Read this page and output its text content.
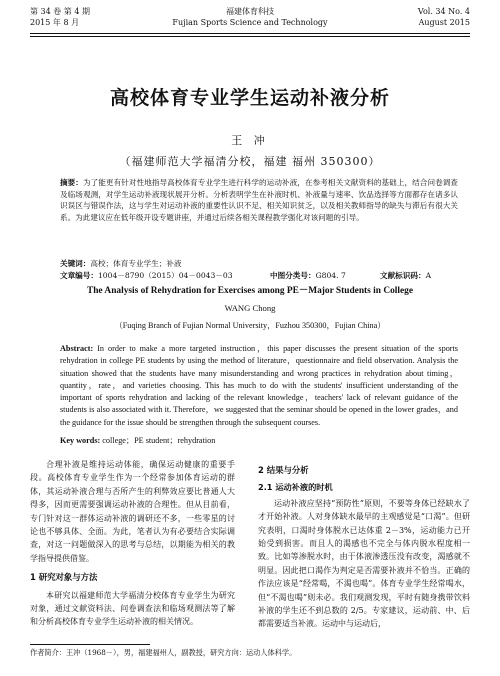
第 34 卷 第 4 期
2015 年 8 月
福建体育科技
Fujian Sports Science and Technology
Vol. 34 No. 4
August 2015
高校体育专业学生运动补液分析
王 冲
（福建师范大学福清分校，福建 福州 350300）
摘要：为了能更有针对性地指导高校体育专业学生进行科学的运动补液，在参考相关文献资料的基础上，结合问卷调查及临场观测，对学生运动补液现状展开分析。分析表明学生在补液时机、补液量与速率、饮品选择等方面都存在诸多认识误区与错误作法，这与学生对运动补液的重要性认识不足、相关知识贫乏，以及相关教师指导的缺失与滞后有很大关系。为此建议应在低年级开设专题讲座，并通过后续各相关课程教学强化对该问题的引导。
关键词：高校；体育专业学生；补液
文章编号：1004－8790（2015）04－0043－03	中图分类号：G804. 7	文献标识码：A
The Analysis of Rehydration for Exercises among PE－Major Students in College
WANG Chong
（Fuqing Branch of Fujian Normal University，Fuzhou 350300，Fujian China）
Abstract: In order to make a more targeted instruction，this paper discusses the present situation of the sports rehydration in college PE students by using the method of literature，questionnaire and field observation. Analysis the situation showed that the students have many misunderstanding and wrong practices in rehydration about timing，quantity，rate，and varieties choosing. This has much to do with the students' insufficient understanding of the important of sports rehydration and lacking of the relevant knowledge，teachers' lack of relevant guidance of the students is also associated with it. Therefore，we suggested that the seminar should be opened in the lower grades，and the guidance for the issue should be strengthen through the subsequent courses.
Key words: college；PE student；rehydration

合理补液是维持运动体能，确保运动健康的重要手段。高校体育专业学生作为一个经常参加体育运动的群体，其运动补液合理与否所产生的利弊效应要比普通人大得多，因而更需要强调运动补液的合理性。但从目前看，专门针对这一群体运动补液的调研还不多，一些零星的讨论也不够具体、全面。为此，笔者认为有必要结合实际调查，对这一问题做深入的思考与总结，以期能为相关的教学指导提供借鉴。

1 研究对象与方法

本研究以福建师范大学福清分校体育专业学生为研究对象，通过文献资料法、问卷调查法和临场观测法等了解和分析高校体育专业学生运动补液的相关情况。

2 结果与分析
2.1 运动补液的时机

运动补液应坚持“预防性”原则，不要等身体已经缺水了才开始补液。人对身体缺水最早的主观感觉是“口渴”。但研究表明，口渴时身体脱水已达体重 2－3%，运动能力已开始受到损害。而且人的渴感也不完全与体内脱水程度相一致。比如等渗脱水时，由于体液渗透压没有改变，渴感就不明显。因此把口渴作为判定是否需要补液并不恰当。正确的作法应该是“经常喝，不渴也喝”。体育专业学生经常喝水，但“不渴也喝”则未必。我们观测发现，平时有随身携带饮料补液的学生还不到总数的 2/5。专家建议，运动前、中、后都需要适当补液。运动中与运动后，

作者简介：王冲（1968－），男，福建福州人，副教授，研究方向：运动人体科学。
